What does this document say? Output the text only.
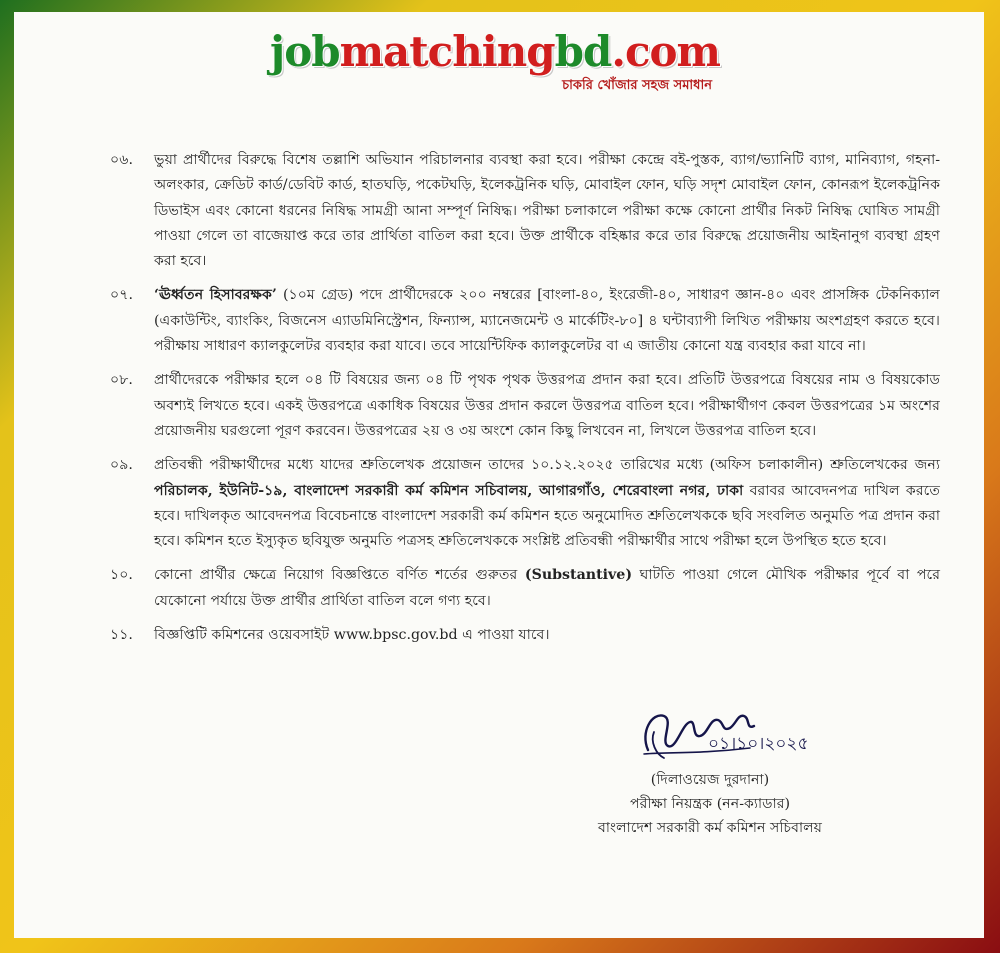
jobmatchingbd.com
চাকরি খোঁজার সহজ সমাধান
০৬. ভুয়া প্রার্থীদের বিরুদ্ধে বিশেষ তল্লাশি অভিযান পরিচালনার ব্যবস্থা করা হবে। পরীক্ষা কেন্দ্রে বই-পুস্তক, ব্যাগ/ভ্যানিটি ব্যাগ, মানিব্যাগ, গহনা-অলংকার, ক্রেডিট কার্ড/ডেবিট কার্ড, হাতঘড়ি, পকেটঘড়ি, ইলেকট্রনিক ঘড়ি, মোবাইল ফোন, ঘড়ি সদৃশ মোবাইল ফোন, কোনরূপ ইলেকট্রনিক ডিভাইস এবং কোনো ধরনের নিষিদ্ধ সামগ্রী আনা সম্পূর্ণ নিষিদ্ধ। পরীক্ষা চলাকালে পরীক্ষা কক্ষে কোনো প্রার্থীর নিকট নিষিদ্ধ ঘোষিত সামগ্রী পাওয়া গেলে তা বাজেয়াপ্ত করে তার প্রার্থিতা বাতিল করা হবে। উক্ত প্রার্থীকে বহিষ্কার করে তার বিরুদ্ধে প্রয়োজনীয় আইনানুগ ব্যবস্থা গ্রহণ করা হবে।
০৭. ‘ঊর্ধ্বতন হিসাবরক্ষক’ (১০ম গ্রেড) পদে প্রার্থীদেরকে ২০০ নম্বরের [বাংলা-৪০, ইংরেজী-৪০, সাধারণ জ্ঞান-৪০ এবং প্রাসঙ্গিক টেকনিক্যাল (একাউন্টিং, ব্যাংকিং, বিজনেস এ্যাডমিনিস্ট্রেশন, ফিন্যান্স, ম্যানেজমেন্ট ও মার্কেটিং-৮০] ৪ ঘন্টাব্যাপী লিখিত পরীক্ষায় অংশগ্রহণ করতে হবে। পরীক্ষায় সাধারণ ক্যালকুলেটর ব্যবহার করা যাবে। তবে সায়েন্টিফিক ক্যালকুলেটর বা এ জাতীয় কোনো যন্ত্র ব্যবহার করা যাবে না।
০৮. প্রার্থীদেরকে পরীক্ষার হলে ০৪ টি বিষয়ের জন্য ০৪ টি পৃথক পৃথক উত্তরপত্র প্রদান করা হবে। প্রতিটি উত্তরপত্রে বিষয়ের নাম ও বিষয়কোড অবশ্যই লিখতে হবে। একই উত্তরপত্রে একাধিক বিষয়ের উত্তর প্রদান করলে উত্তরপত্র বাতিল হবে। পরীক্ষার্থীগণ কেবল উত্তরপত্রের ১ম অংশের প্রয়োজনীয় ঘরগুলো পূরণ করবেন। উত্তরপত্রের ২য় ও ৩য় অংশে কোন কিছু লিখবেন না, লিখলে উত্তরপত্র বাতিল হবে।
০৯. প্রতিবন্ধী পরীক্ষার্থীদের মধ্যে যাদের শ্রুতিলেখক প্রয়োজন তাদের ১০.১২.২০২৫ তারিখের মধ্যে (অফিস চলাকালীন) শ্রুতিলেখকের জন্য পরিচালক, ইউনিট-১৯, বাংলাদেশ সরকারী কর্ম কমিশন সচিবালয়, আগারগাঁও, শেরেবাংলা নগর, ঢাকা বরাবর আবেদনপত্র দাখিল করতে হবে। দাখিলকৃত আবেদনপত্র বিবেচনান্তে বাংলাদেশ সরকারী কর্ম কমিশন হতে অনুমোদিত শ্রুতিলেখককে ছবি সংবলিত অনুমতি পত্র প্রদান করা হবে। কমিশন হতে ইস্যুকৃত ছবিযুক্ত অনুমতি পত্রসহ শ্রুতিলেখককে সংশ্লিষ্ট প্রতিবন্ধী পরীক্ষার্থীর সাথে পরীক্ষা হলে উপস্থিত হতে হবে।
১০. কোনো প্রার্থীর ক্ষেত্রে নিয়োগ বিজ্ঞপ্তিতে বর্ণিত শর্তের গুরুতর (Substantive) ঘাটতি পাওয়া গেলে মৌখিক পরীক্ষার পূর্বে বা পরে যেকোনো পর্যায়ে উক্ত প্রার্থীর প্রার্থিতা বাতিল বলে গণ্য হবে।
১১. বিজ্ঞপ্তিটি কমিশনের ওয়েবসাইট www.bpsc.gov.bd এ পাওয়া যাবে।
০১।১০।২০২৫
(দিলাওয়েজ দুরদানা)
পরীক্ষা নিয়ন্ত্রক (নন-ক্যাডার)
বাংলাদেশ সরকারী কর্ম কমিশন সচিবালয়
